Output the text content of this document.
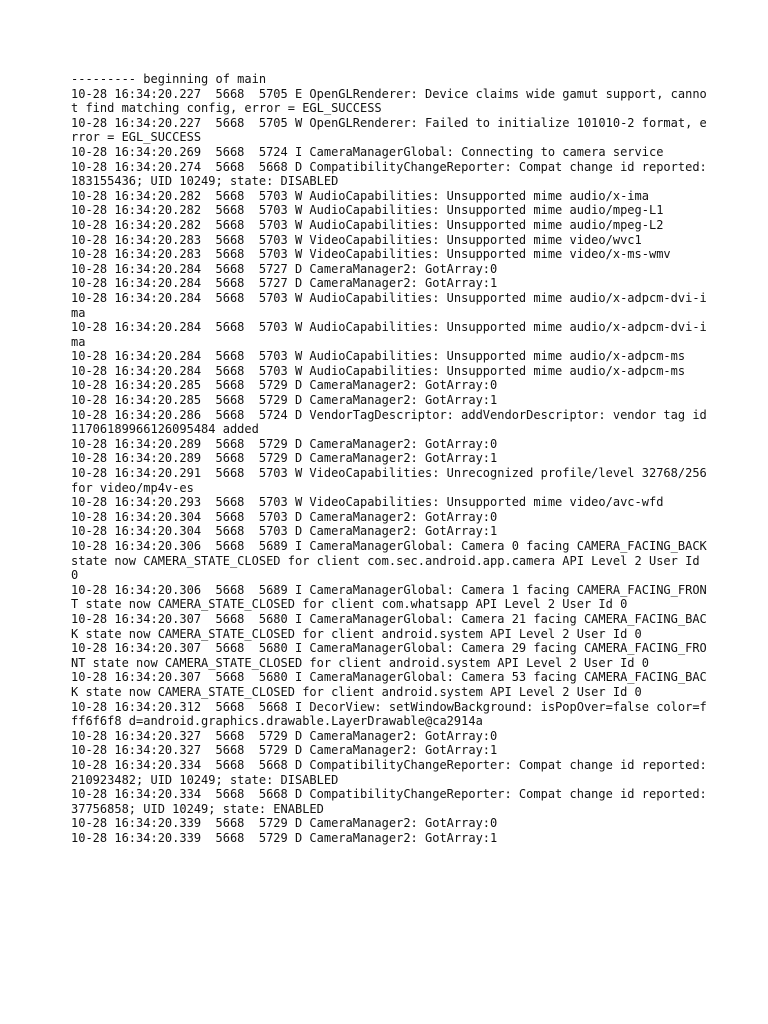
--------- beginning of main

10-28 16:34:20.227  5668  5705 E OpenGLRenderer: Device claims wide gamut support, cannot find matching config, error = EGL_SUCCESS

10-28 16:34:20.227  5668  5705 W OpenGLRenderer: Failed to initialize 101010-2 format, error = EGL_SUCCESS

10-28 16:34:20.269  5668  5724 I CameraManagerGlobal: Connecting to camera service

10-28 16:34:20.274  5668  5668 D CompatibilityChangeReporter: Compat change id reported: 183155436; UID 10249; state: DISABLED

10-28 16:34:20.282  5668  5703 W AudioCapabilities: Unsupported mime audio/x-ima

10-28 16:34:20.282  5668  5703 W AudioCapabilities: Unsupported mime audio/mpeg-L1

10-28 16:34:20.282  5668  5703 W AudioCapabilities: Unsupported mime audio/mpeg-L2

10-28 16:34:20.283  5668  5703 W VideoCapabilities: Unsupported mime video/wvc1

10-28 16:34:20.283  5668  5703 W VideoCapabilities: Unsupported mime video/x-ms-wmv

10-28 16:34:20.284  5668  5727 D CameraManager2: GotArray:0

10-28 16:34:20.284  5668  5727 D CameraManager2: GotArray:1

10-28 16:34:20.284  5668  5703 W AudioCapabilities: Unsupported mime audio/x-adpcm-dvi-ima

10-28 16:34:20.284  5668  5703 W AudioCapabilities: Unsupported mime audio/x-adpcm-dvi-ima

10-28 16:34:20.284  5668  5703 W AudioCapabilities: Unsupported mime audio/x-adpcm-ms

10-28 16:34:20.284  5668  5703 W AudioCapabilities: Unsupported mime audio/x-adpcm-ms

10-28 16:34:20.285  5668  5729 D CameraManager2: GotArray:0

10-28 16:34:20.285  5668  5729 D CameraManager2: GotArray:1

10-28 16:34:20.286  5668  5724 D VendorTagDescriptor: addVendorDescriptor: vendor tag id 11706189966126095484 added

10-28 16:34:20.289  5668  5729 D CameraManager2: GotArray:0

10-28 16:34:20.289  5668  5729 D CameraManager2: GotArray:1

10-28 16:34:20.291  5668  5703 W VideoCapabilities: Unrecognized profile/level 32768/256 for video/mp4v-es

10-28 16:34:20.293  5668  5703 W VideoCapabilities: Unsupported mime video/avc-wfd

10-28 16:34:20.304  5668  5703 D CameraManager2: GotArray:0

10-28 16:34:20.304  5668  5703 D CameraManager2: GotArray:1

10-28 16:34:20.306  5668  5689 I CameraManagerGlobal: Camera 0 facing CAMERA_FACING_BACK state now CAMERA_STATE_CLOSED for client com.sec.android.app.camera API Level 2 User Id 0

10-28 16:34:20.306  5668  5689 I CameraManagerGlobal: Camera 1 facing CAMERA_FACING_FRONT state now CAMERA_STATE_CLOSED for client com.whatsapp API Level 2 User Id 0

10-28 16:34:20.307  5668  5680 I CameraManagerGlobal: Camera 21 facing CAMERA_FACING_BACK state now CAMERA_STATE_CLOSED for client android.system API Level 2 User Id 0

10-28 16:34:20.307  5668  5680 I CameraManagerGlobal: Camera 29 facing CAMERA_FACING_FRONT state now CAMERA_STATE_CLOSED for client android.system API Level 2 User Id 0

10-28 16:34:20.307  5668  5680 I CameraManagerGlobal: Camera 53 facing CAMERA_FACING_BACK state now CAMERA_STATE_CLOSED for client android.system API Level 2 User Id 0

10-28 16:34:20.312  5668  5668 I DecorView: setWindowBackground: isPopOver=false color=fff6f6f8 d=android.graphics.drawable.LayerDrawable@ca2914a

10-28 16:34:20.327  5668  5729 D CameraManager2: GotArray:0

10-28 16:34:20.327  5668  5729 D CameraManager2: GotArray:1

10-28 16:34:20.334  5668  5668 D CompatibilityChangeReporter: Compat change id reported: 210923482; UID 10249; state: DISABLED

10-28 16:34:20.334  5668  5668 D CompatibilityChangeReporter: Compat change id reported: 37756858; UID 10249; state: ENABLED

10-28 16:34:20.339  5668  5729 D CameraManager2: GotArray:0

10-28 16:34:20.339  5668  5729 D CameraManager2: GotArray:1
